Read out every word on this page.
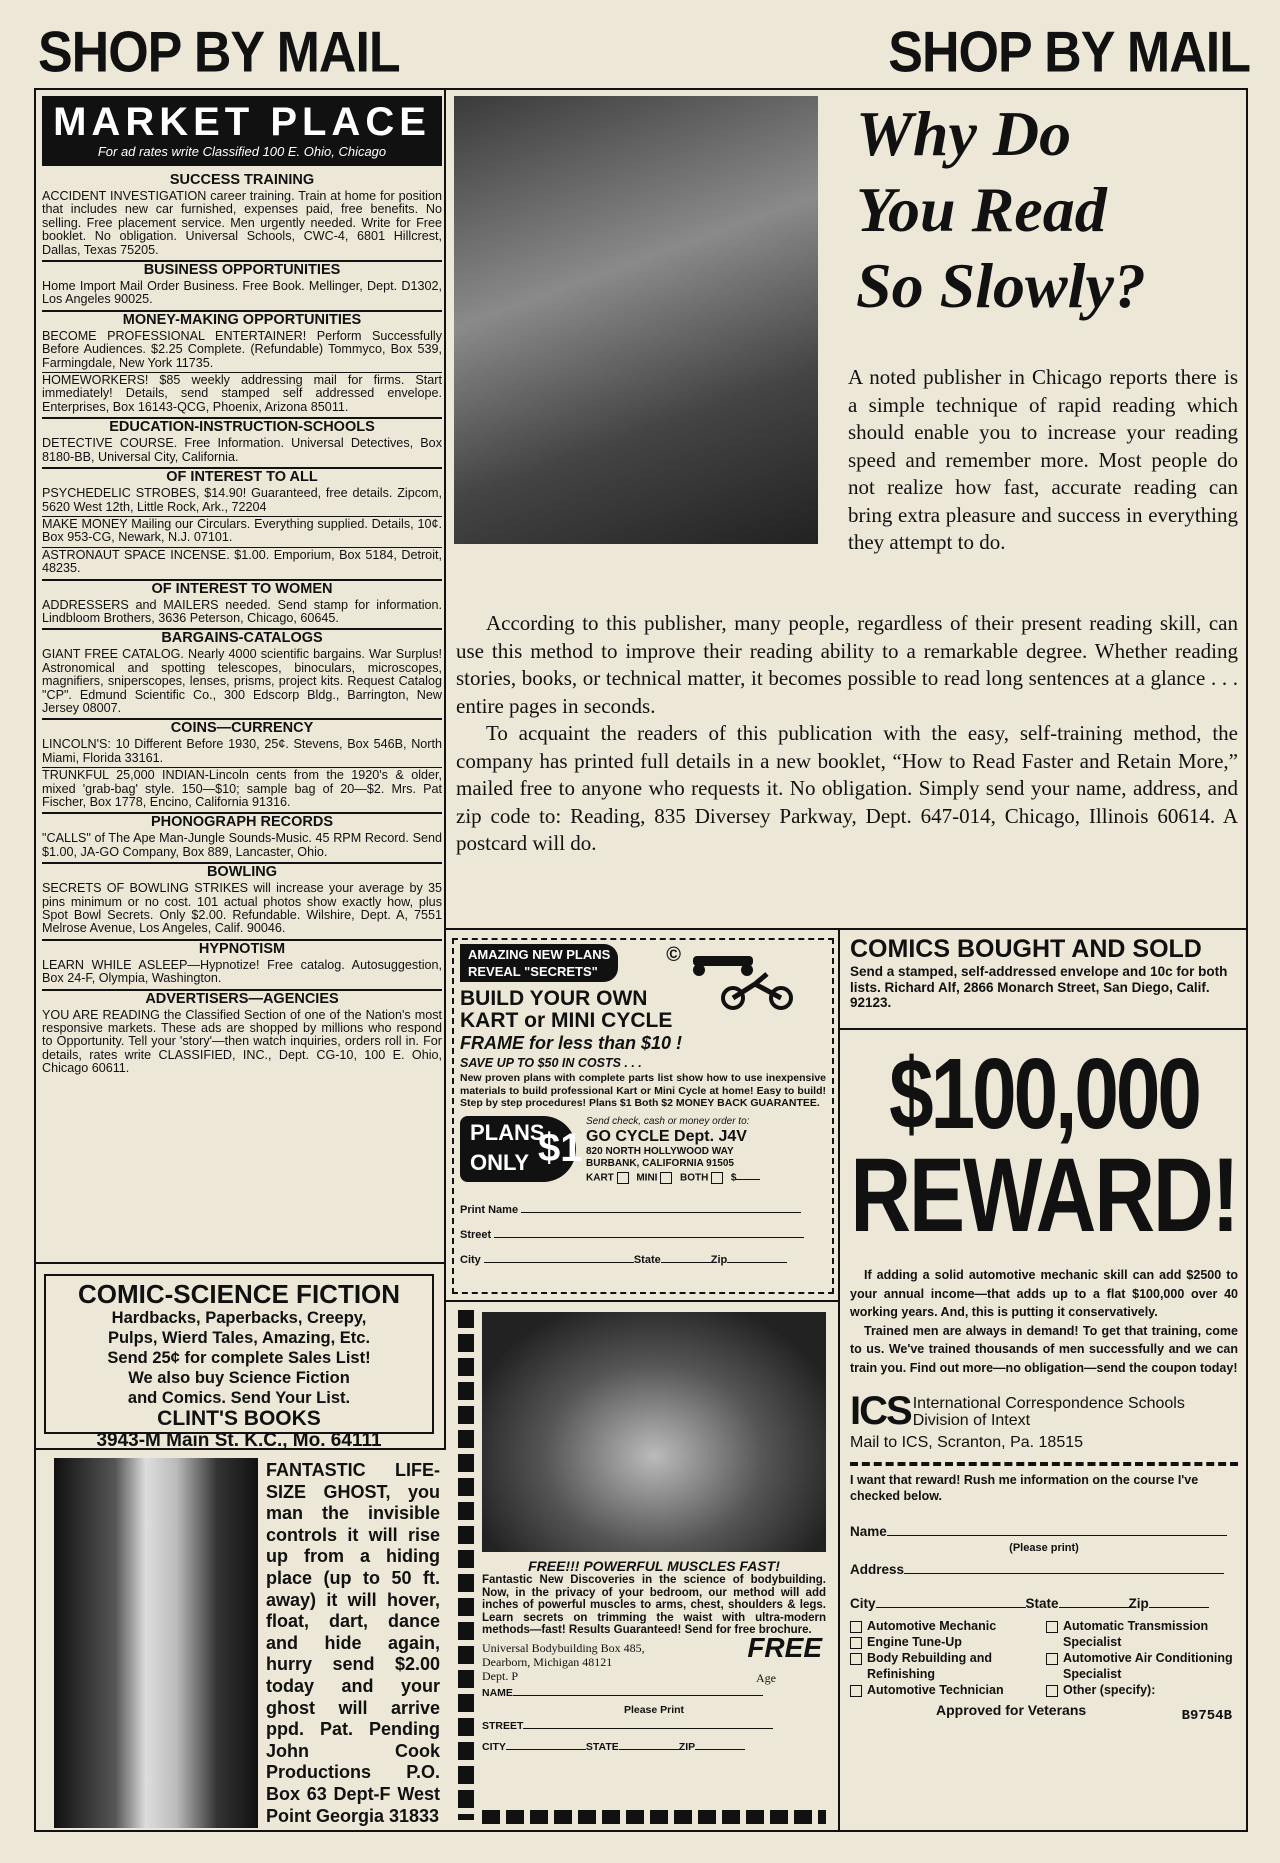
SHOP BY MAIL	SHOP BY MAIL
MARKET PLACE
For ad rates write Classified 100 E. Ohio, Chicago
SUCCESS TRAINING

ACCIDENT INVESTIGATION career training. Train at home for position that includes new car furnished, expenses paid, free benefits. No selling. Free placement service. Men urgently needed. Write for Free booklet. No obligation. Universal Schools, CWC-4, 6801 Hillcrest, Dallas, Texas 75205.

BUSINESS OPPORTUNITIES

Home Import Mail Order Business. Free Book. Mellinger, Dept. D1302, Los Angeles 90025.

MONEY-MAKING OPPORTUNITIES

BECOME PROFESSIONAL ENTERTAINER! Perform Successfully Before Audiences. $2.25 Complete. (Refundable) Tommyco, Box 539, Farmingdale, New York 11735.

HOMEWORKERS! $85 weekly addressing mail for firms. Start immediately! Details, send stamped self addressed envelope. Enterprises, Box 16143-QCG, Phoenix, Arizona 85011.

EDUCATION-INSTRUCTION-SCHOOLS

DETECTIVE COURSE. Free Information. Universal Detectives, Box 8180-BB, Universal City, California.

OF INTEREST TO ALL

PSYCHEDELIC STROBES, $14.90! Guaranteed, free details. Zipcom, 5620 West 12th, Little Rock, Ark., 72204

MAKE MONEY Mailing our Circulars. Everything supplied. Details, 10¢. Box 953-CG, Newark, N.J. 07101.

ASTRONAUT SPACE INCENSE. $1.00. Emporium, Box 5184, Detroit, 48235.

OF INTEREST TO WOMEN

ADDRESSERS and MAILERS needed. Send stamp for information. Lindbloom Brothers, 3636 Peterson, Chicago, 60645.

BARGAINS-CATALOGS

GIANT FREE CATALOG. Nearly 4000 scientific bargains. War Surplus! Astronomical and spotting telescopes, binoculars, microscopes, magnifiers, sniperscopes, lenses, prisms, project kits. Request Catalog "CP". Edmund Scientific Co., 300 Edscorp Bldg., Barrington, New Jersey 08007.

COINS—CURRENCY

LINCOLN'S: 10 Different Before 1930, 25¢. Stevens, Box 546B, North Miami, Florida 33161.

TRUNKFUL 25,000 INDIAN-Lincoln cents from the 1920's & older, mixed 'grab-bag' style. 150—$10; sample bag of 20—$2. Mrs. Pat Fischer, Box 1778, Encino, California 91316.

PHONOGRAPH RECORDS

"CALLS" of The Ape Man-Jungle Sounds-Music. 45 RPM Record. Send $1.00, JA-GO Company, Box 889, Lancaster, Ohio.

BOWLING

SECRETS OF BOWLING STRIKES will increase your average by 35 pins minimum or no cost. 101 actual photos show exactly how, plus Spot Bowl Secrets. Only $2.00. Refundable. Wilshire, Dept. A, 7551 Melrose Avenue, Los Angeles, Calif. 90046.

HYPNOTISM

LEARN WHILE ASLEEP—Hypnotize! Free catalog. Autosuggestion, Box 24-F, Olympia, Washington.

ADVERTISERS—AGENCIES

YOU ARE READING the Classified Section of one of the Nation's most responsive markets. These ads are shopped by millions who respond to Opportunity. Tell your 'story'—then watch inquiries, orders roll in. For details, rates write CLASSIFIED, INC., Dept. CG-10, 100 E. Ohio, Chicago 60611.

COMIC-SCIENCE FICTION
Hardbacks, Paperbacks, Creepy,
Pulps, Wierd Tales, Amazing, Etc.
Send 25¢ for complete Sales List!
We also buy Science Fiction
and Comics. Send Your List.
CLINT'S BOOKS
3943-M Main St. K.C., Mo. 64111
FANTASTIC LIFE-SIZE GHOST, you man the invisible controls it will rise up from a hiding place (up to 50 ft. away) it will hover, float, dart, dance and hide again, hurry send $2.00 today and your ghost will arrive ppd. Pat. Pending John Cook Productions P.O. Box 63 Dept-F West Point Georgia 31833
Why Do
You Read
So Slowly?

A noted publisher in Chicago reports there is a simple technique of rapid reading which should enable you to increase your reading speed and remember more. Most people do not realize how fast, accurate reading can bring extra pleasure and success in everything they attempt to do.

According to this publisher, many people, regardless of their present reading skill, can use this method to improve their reading ability to a remarkable degree. Whether reading stories, books, or technical matter, it becomes possible to read long sentences at a glance . . . entire pages in seconds.

To acquaint the readers of this publication with the easy, self-training method, the company has printed full details in a new booklet, “How to Read Faster and Retain More,” mailed free to anyone who requests it. No obligation. Simply send your name, address, and zip code to: Reading, 835 Diversey Parkway, Dept. 647-014, Chicago, Illinois 60614. A postcard will do.

AMAZING NEW PLANS
REVEAL "SECRETS"
©
BUILD YOUR OWN
KART or MINI CYCLE
FRAME for less than $10 !
SAVE UP TO $50 IN COSTS . . .
New proven plans with complete parts list show how to use inexpensive materials to build professional Kart or Mini Cycle at home! Easy to build! Step by step procedures! Plans $1 Both $2 MONEY BACK GUARANTEE.
PLANS
ONLY $1
Send check, cash or money order to:
GO CYCLE Dept. J4V
820 NORTH HOLLYWOOD WAY
BURBANK, CALIFORNIA 91505
KART MINI BOTH $
Print Name
Street
City	State	Zip
FREE!!! POWERFUL MUSCLES FAST!
Fantastic New Discoveries in the science of bodybuilding. Now, in the privacy of your bedroom, our method will add inches of powerful muscles to arms, chest, shoulders & legs. Learn secrets on trimming the waist with ultra-modern methods—fast! Results Guaranteed! Send for free brochure.
Universal Bodybuilding Box 485,
Dearborn, Michigan 48121
Dept. P
FREE
Age
NAME
Please Print
STREET
CITY	STATE	ZIP
COMICS BOUGHT AND SOLD
Send a stamped, self-addressed envelope and 10c for both lists. Richard Alf, 2866 Monarch Street, San Diego, Calif. 92123.
$100,000
REWARD!
If adding a solid automotive mechanic skill can add $2500 to your annual income—that adds up to a flat $100,000 over 40 working years. And, this is putting it conservatively.
Trained men are always in demand! To get that training, come to us. We've trained thousands of men successfully and we can train you. Find out more—no obligation—send the coupon today!
ICS International Correspondence Schools
Division of Intext
Mail to ICS, Scranton, Pa. 18515
I want that reward! Rush me information on the course I've checked below.
Name
(Please print)
Address
City	State	Zip
Automotive Mechanic
Engine Tune-Up
Body Rebuilding and Refinishing
Automotive Technician
Automatic Transmission Specialist
Automotive Air Conditioning Specialist
Other (specify):
Approved for Veterans	B9754B
